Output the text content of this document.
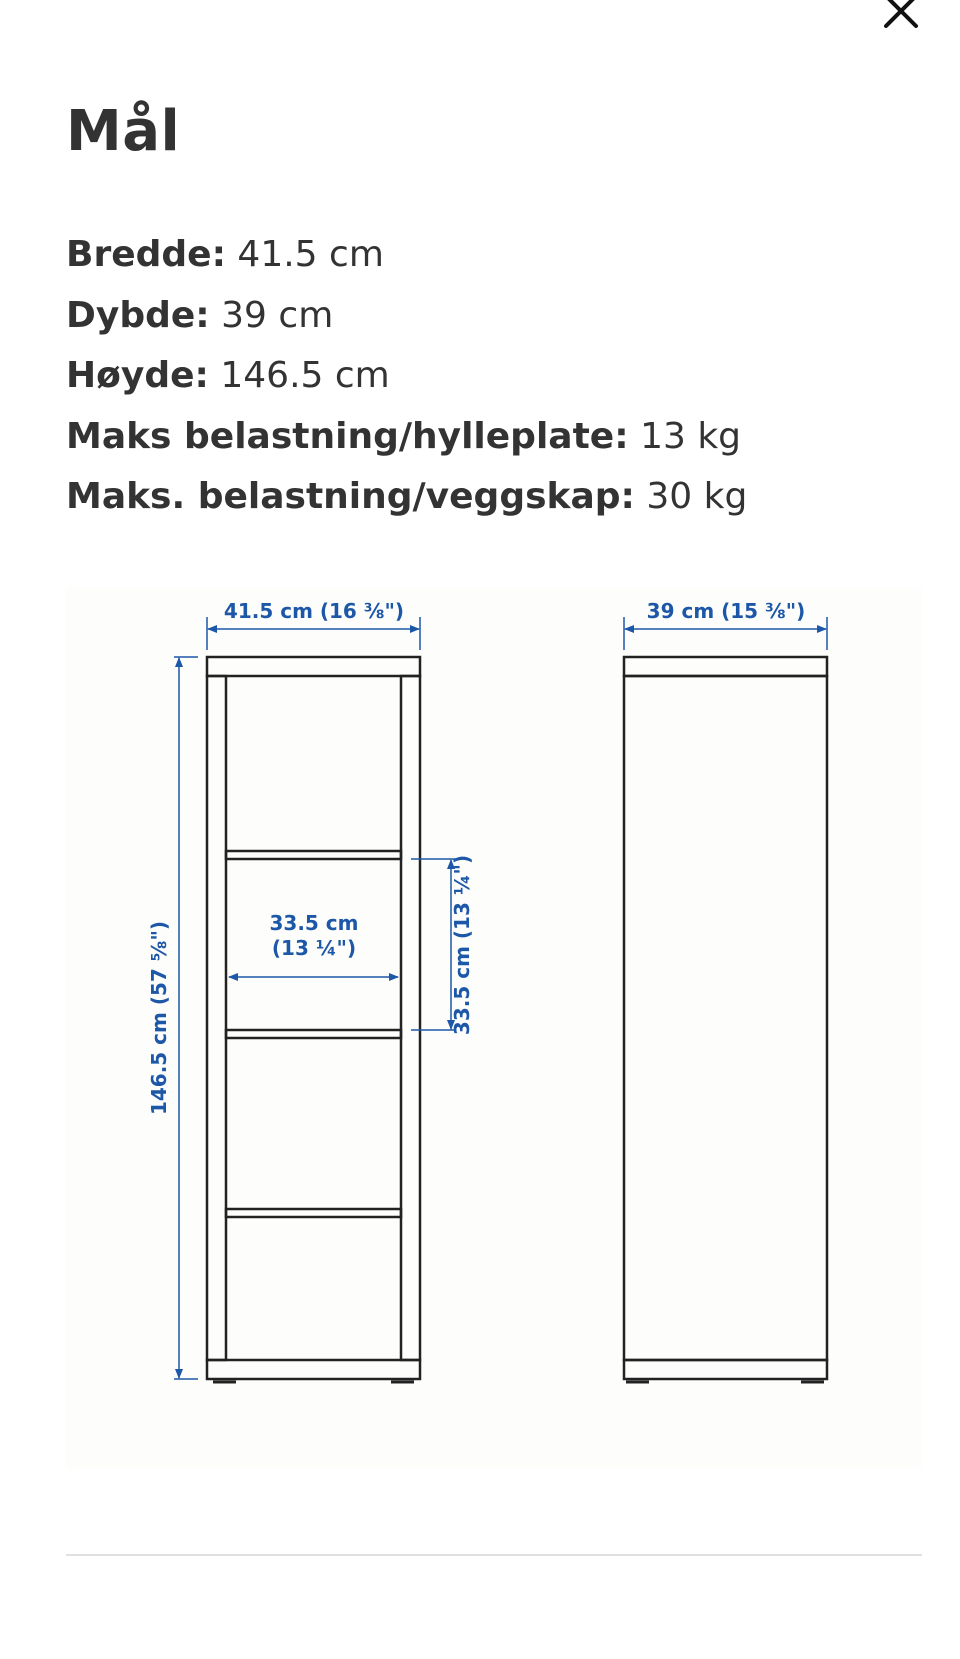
Mål
Bredde: 41.5 cm
Dybde: 39 cm
Høyde: 146.5 cm
Maks belastning/hylleplate: 13 kg
Maks. belastning/veggskap: 30 kg
41.5 cm (16 ⅜")	39 cm (15 ⅜")
33.5 cm
(13 ¼")
146.5 cm (57 ⅝")	33.5 cm (13 ¼")
